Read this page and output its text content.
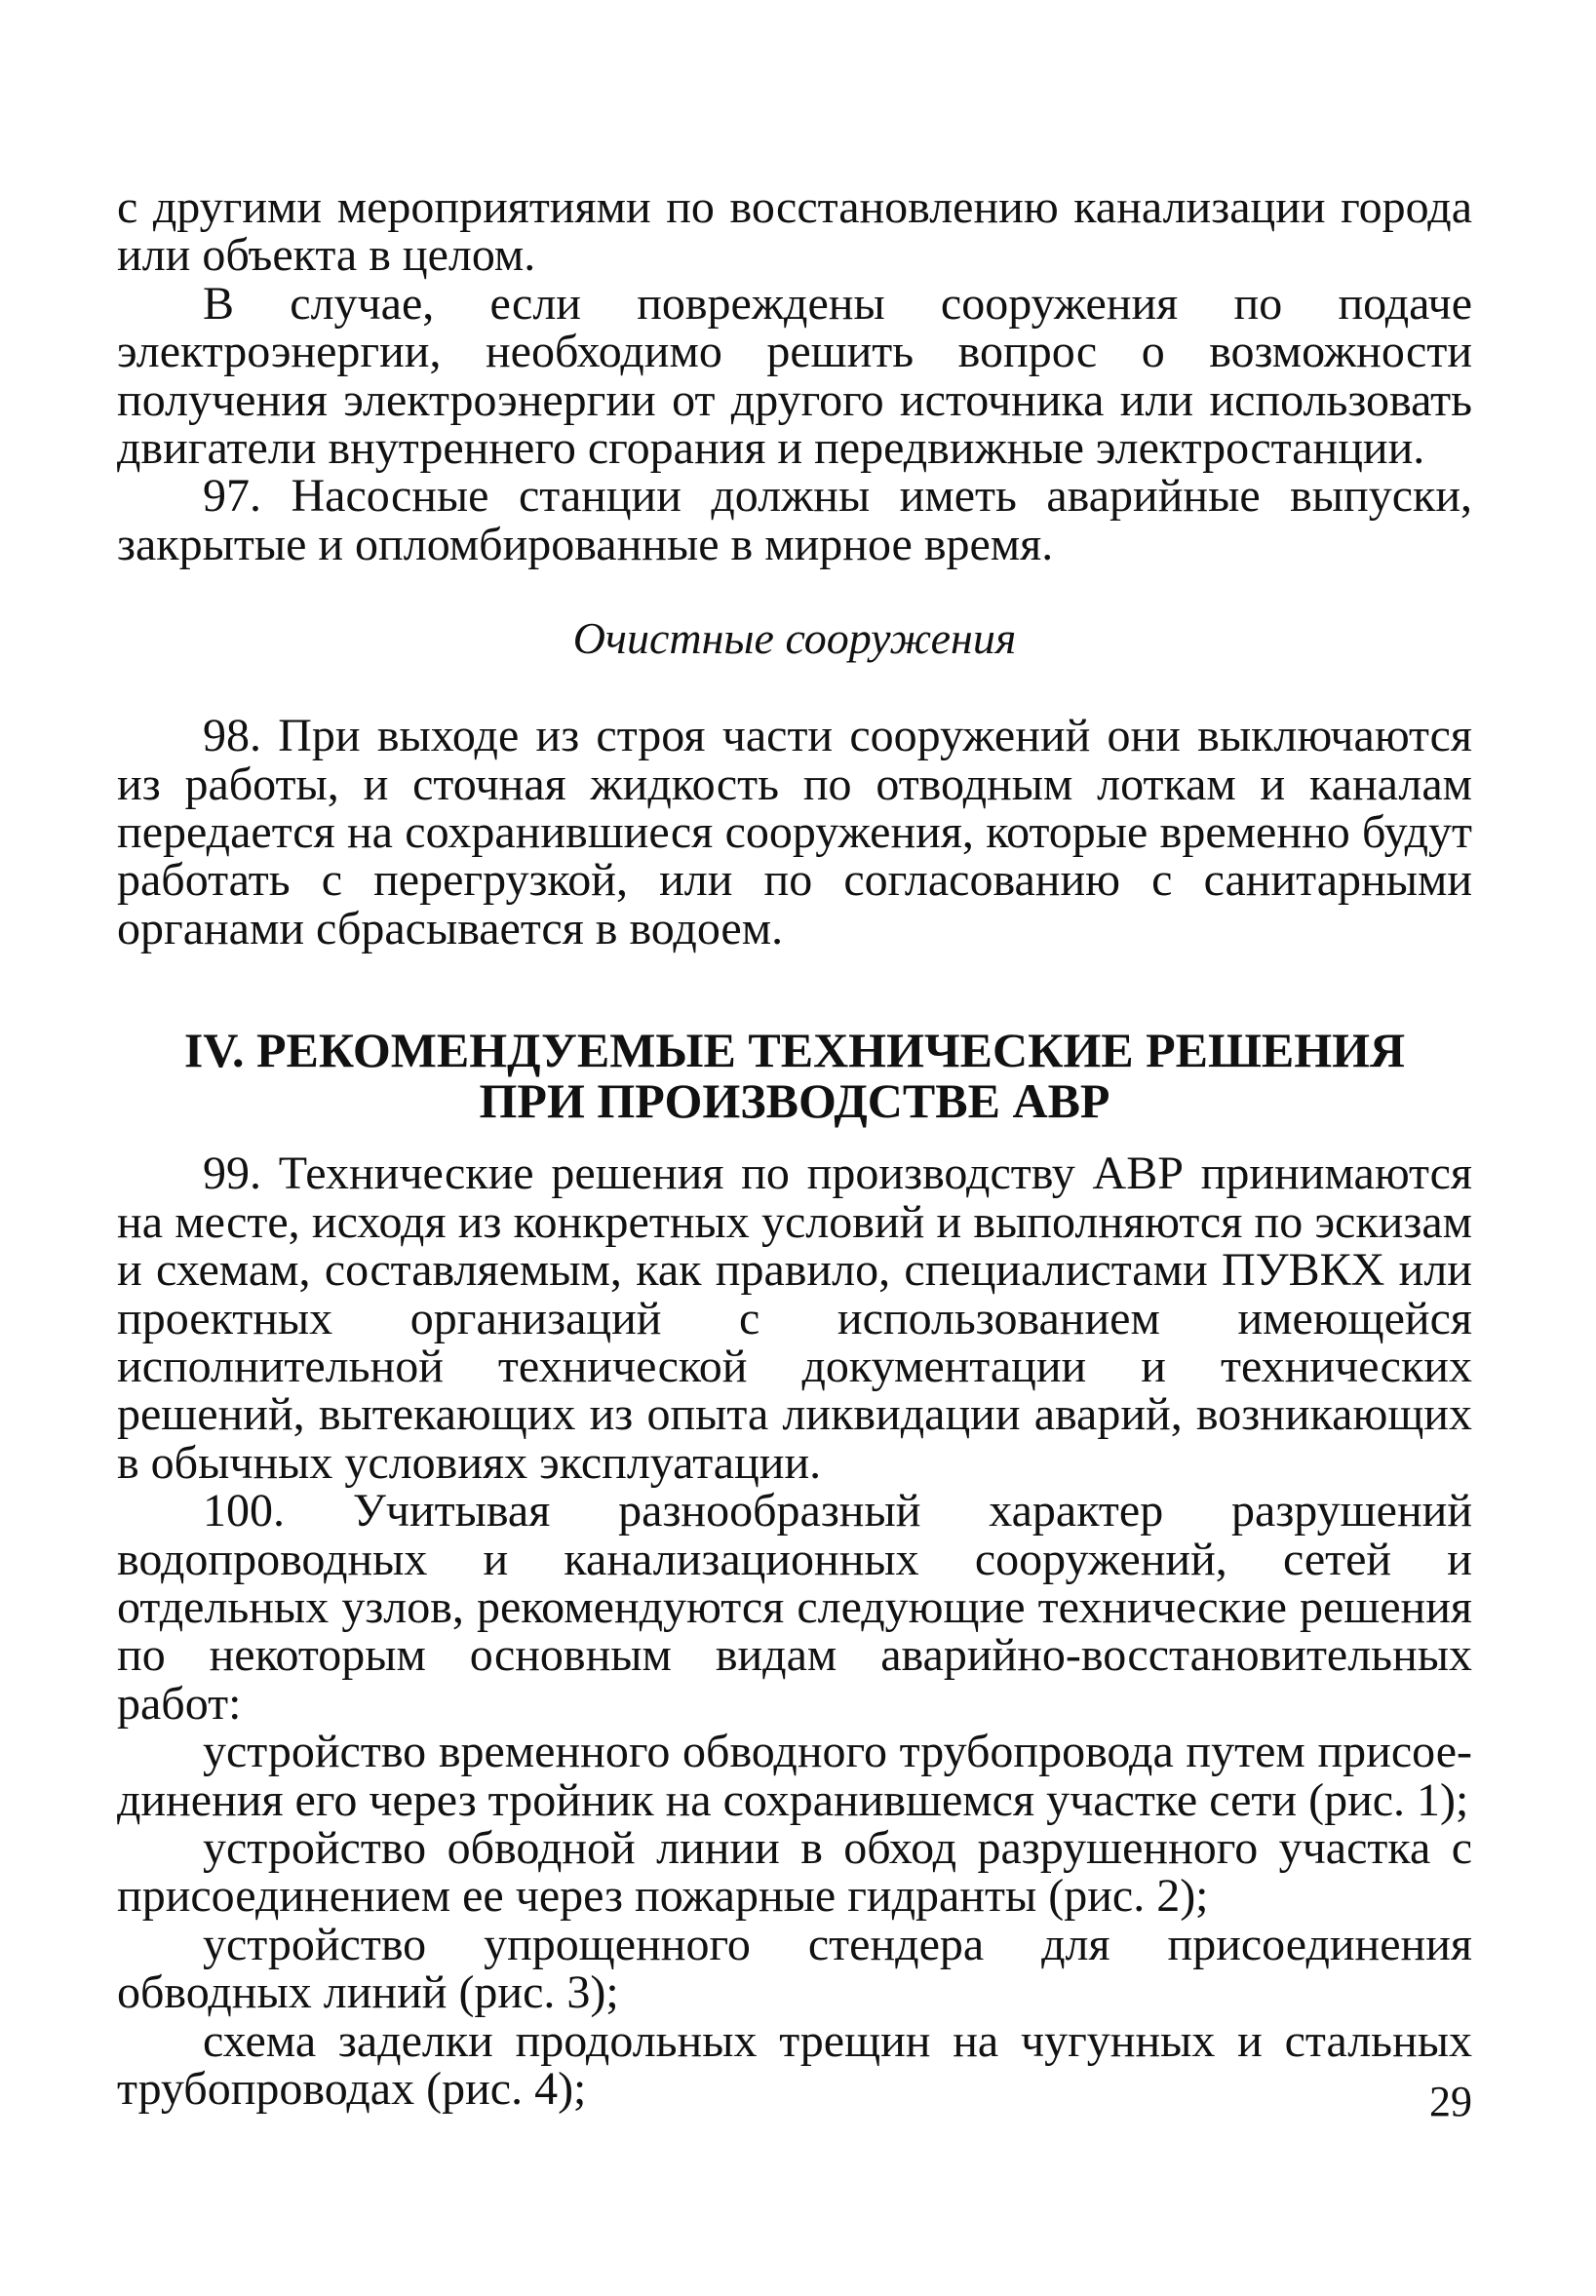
с другими мероприятиями по восстановлению канализации города или объекта в целом.

В случае, если повреждены сооружения по подаче электроэнергии, необходимо решить вопрос о возможности получения электроэнергии от другого источника или использовать двигатели внутреннего сгорания и передвижные электростанции.

97. Насосные станции должны иметь аварийные выпуски, закрытые и опломбированные в мирное время.

Очистные сооружения

98. При выходе из строя части сооружений они выключаются из работы, и сточная жидкость по отводным лоткам и каналам передается на сохранившиеся сооружения, которые временно будут работать с перегрузкой, или по согласованию с санитарными органами сбрасывается в водоем.

IV. РЕКОМЕНДУЕМЫЕ ТЕХНИЧЕСКИЕ РЕШЕНИЯ
ПРИ ПРОИЗВОДСТВЕ АВР

99. Технические решения по производству АВР принимаются на месте, исходя из конкретных условий и выполняются по эскизам и схемам, составляемым, как правило, специалистами ПУВКХ или проектных организаций с использованием имеющейся исполнительной технической документации и технических решений, вытекающих из опыта ликвидации аварий, возникающих в обычных условиях эксплуатации.

100. Учитывая разнообразный характер разрушений водопроводных и канализационных сооружений, сетей и отдельных узлов, рекомендуются следующие технические решения по некоторым основным видам аварийно-восстановительных работ:

устройство временного обводного трубопровода путем присоединения его через тройник на сохранившемся участке сети (рис. 1);

устройство обводной линии в обход разрушенного участка с присоединением ее через пожарные гидранты (рис. 2);

устройство упрощенного стендера для присоединения обводных линий (рис. 3);

схема заделки продольных трещин на чугунных и стальных трубопроводах (рис. 4);	29
